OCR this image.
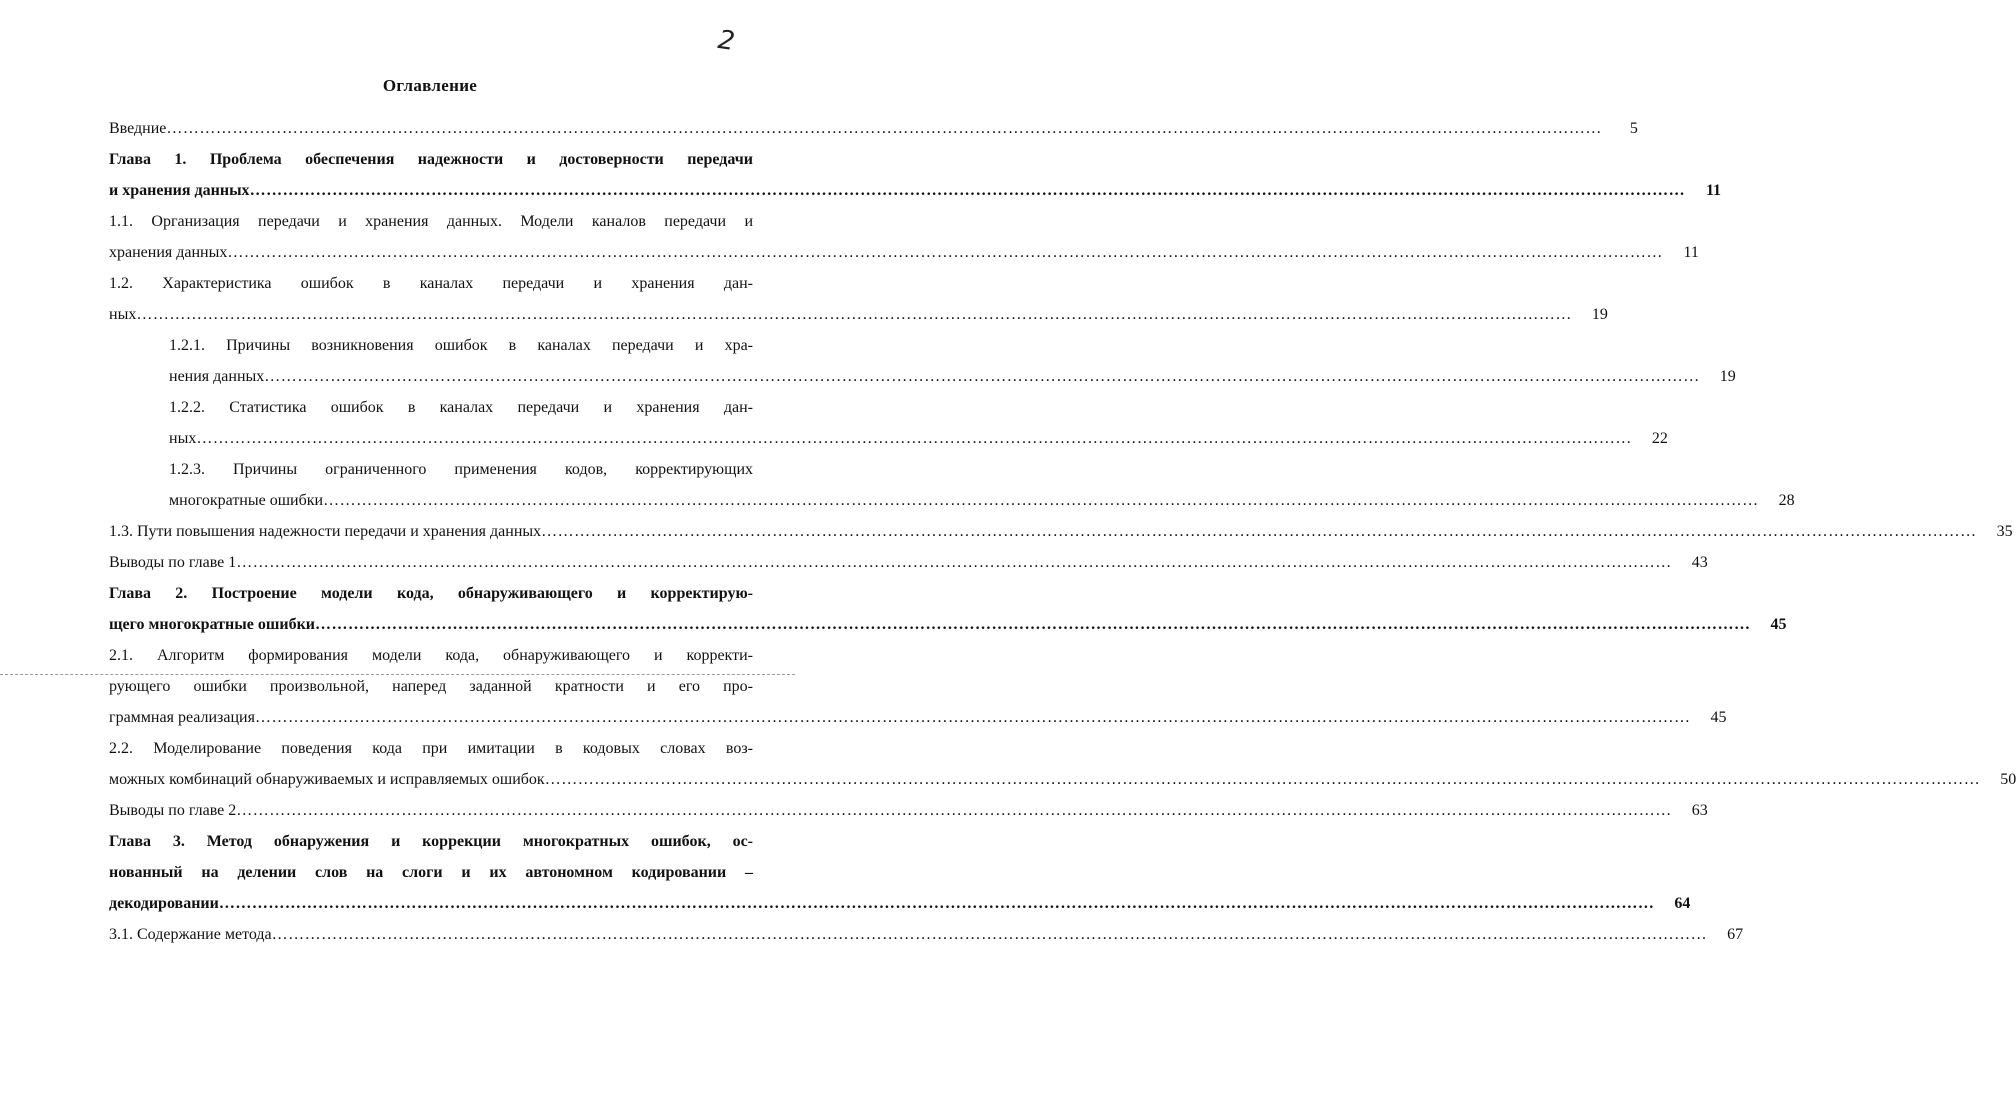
2
Оглавление
Введние ………………………………………………………………………………………………………………………………………………………………………………………………………………………………………	5
Глава 1. Проблема обеспечения надежности и достоверности передачи
и хранения данных ………………………………………………………………………………………………………………………………………………………………………………………………………………………………………	11
1.1. Организация передачи и хранения данных. Модели каналов передачи и
хранения данных ………………………………………………………………………………………………………………………………………………………………………………………………………………………………………	11
1.2. Характеристика ошибок в каналах передачи и хранения дан-
ных ………………………………………………………………………………………………………………………………………………………………………………………………………………………………………	19
1.2.1. Причины возникновения ошибок в каналах передачи и хра-
нения данных ………………………………………………………………………………………………………………………………………………………………………………………………………………………………………	19
1.2.2. Статистика ошибок в каналах передачи и хранения дан-
ных ………………………………………………………………………………………………………………………………………………………………………………………………………………………………………	22
1.2.3. Причины ограниченного применения кодов, корректирующих
многократные ошибки ………………………………………………………………………………………………………………………………………………………………………………………………………………………………………	28
1.3. Пути повышения надежности передачи и хранения данных ………………………………………………………………………………………………………………………………………………………………………………………………………………………………………	35
Выводы по главе 1 ………………………………………………………………………………………………………………………………………………………………………………………………………………………………………	43
Глава 2. Построение модели кода, обнаруживающего и корректирую-
щего многократные ошибки ………………………………………………………………………………………………………………………………………………………………………………………………………………………………………	45
2.1. Алгоритм формирования модели кода, обнаруживающего и корректи-
рующего ошибки произвольной, наперед заданной кратности и его про-
граммная реализация ………………………………………………………………………………………………………………………………………………………………………………………………………………………………………	45
2.2. Моделирование поведения кода при имитации в кодовых словах воз-
можных комбинаций обнаруживаемых и исправляемых ошибок ………………………………………………………………………………………………………………………………………………………………………………………………………………………………………	50
Выводы по главе 2 ………………………………………………………………………………………………………………………………………………………………………………………………………………………………………	63
Глава 3. Метод обнаружения и коррекции многократных ошибок, ос-
нованный на делении слов на слоги и их автономном кодировании –
декодировании ………………………………………………………………………………………………………………………………………………………………………………………………………………………………………	64
3.1. Содержание метода ………………………………………………………………………………………………………………………………………………………………………………………………………………………………………	67
